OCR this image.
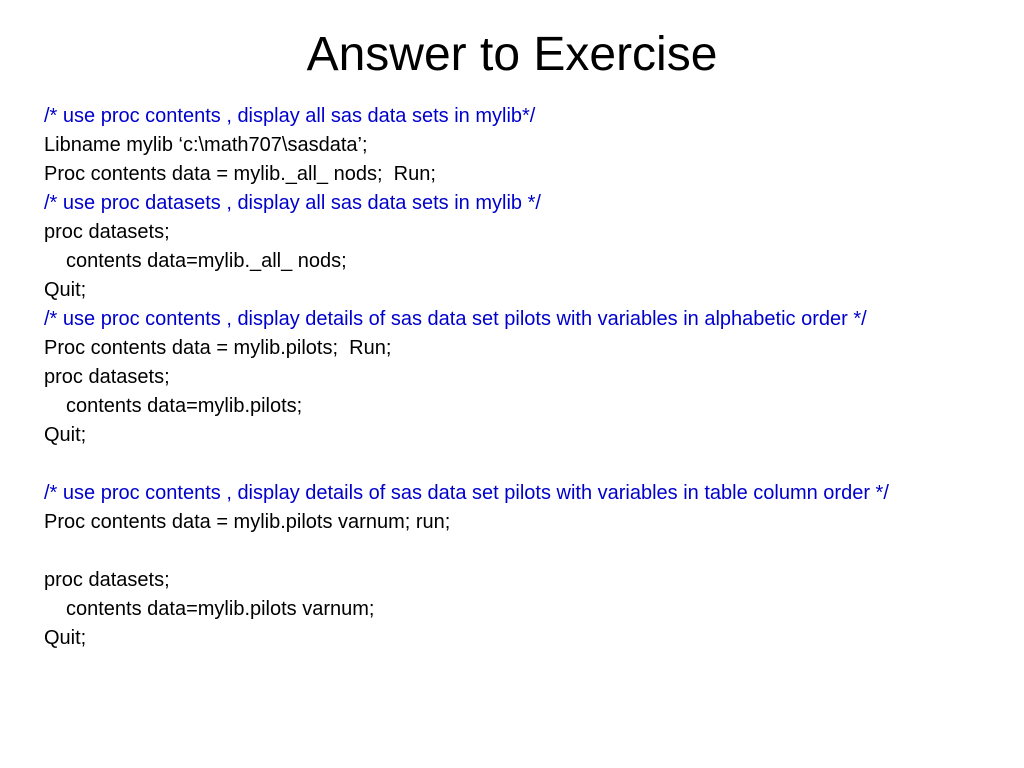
Answer to Exercise
/* use proc contents , display all sas data sets in mylib*/
Libname mylib ‘c:\math707\sasdata’;
Proc contents data = mylib._all_ nods;  Run;
/* use proc datasets , display all sas data sets in mylib */
proc datasets;
contents data=mylib._all_ nods;
Quit;
/* use proc contents , display details of sas data set pilots with variables in alphabetic order */
Proc contents data = mylib.pilots;  Run;
proc datasets;
contents data=mylib.pilots;
Quit;
/* use proc contents , display details of sas data set pilots with variables in table column order */
Proc contents data = mylib.pilots varnum; run;
proc datasets;
contents data=mylib.pilots varnum;
Quit;
